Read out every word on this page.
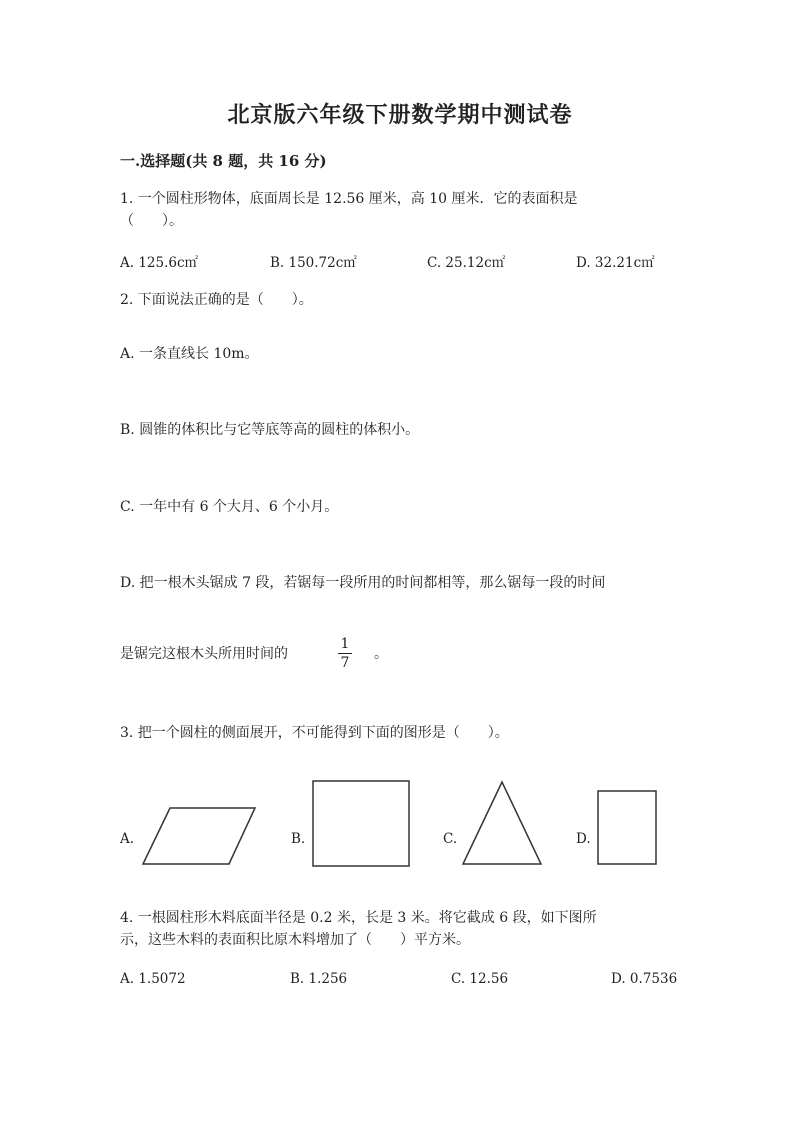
北京版六年级下册数学期中测试卷
一.选择题(共 8 题，共 16 分)
1. 一个圆柱形物体，底面周长是 12.56 厘米，高 10 厘米．它的表面积是
（　　）。
A. 125.6c㎡	B. 150.72c㎡	C. 25.12c㎡	D. 32.21c㎡
2. 下面说法正确的是（　　）。
A. 一条直线长 10m。
B. 圆锥的体积比与它等底等高的圆柱的体积小。
C. 一年中有 6 个大月、6 个小月。
D. 把一根木头锯成 7 段，若锯每一段所用的时间都相等，那么锯每一段的时间
是锯完这根木头所用时间的
1
7
。
3. 把一个圆柱的侧面展开，不可能得到下面的图形是（　　）。
A.	B.	C.	D.
4. 一根圆柱形木料底面半径是 0.2 米，长是 3 米。将它截成 6 段，如下图所
示，这些木料的表面积比原木料增加了（　　）平方米。
A. 1.5072	B. 1.256	C. 12.56	D. 0.7536
